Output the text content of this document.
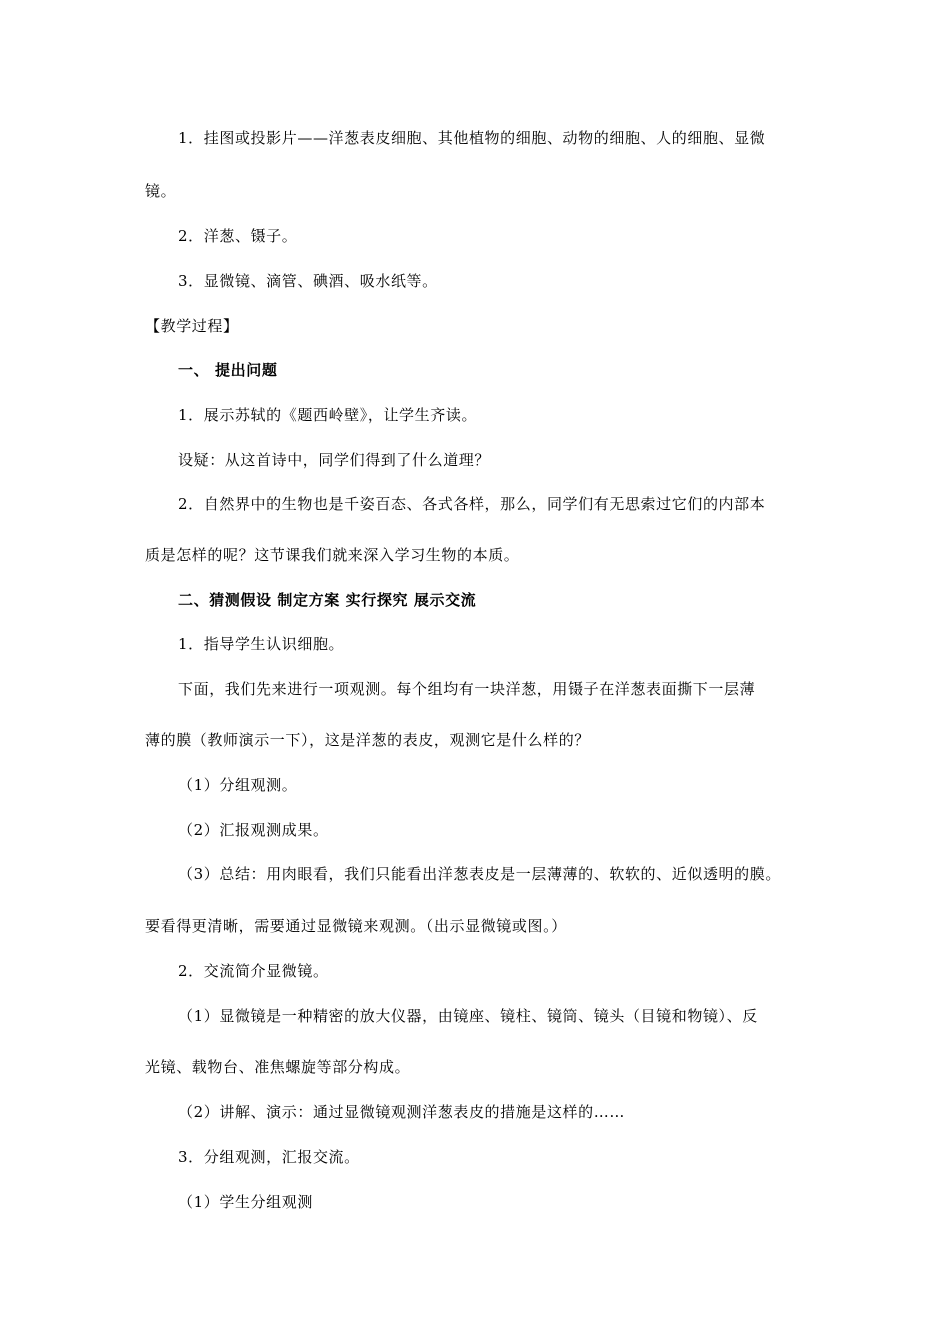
1．挂图或投影片——洋葱表皮细胞、其他植物的细胞、动物的细胞、人的细胞、显微
镜。
2．洋葱、镊子。
3．显微镜、滴管、碘酒、吸水纸等。
【教学过程】
一、 提出问题
1．展示苏轼的《题西岭壁》，让学生齐读。
设疑：从这首诗中，同学们得到了什么道理？
2．自然界中的生物也是千姿百态、各式各样，那么，同学们有无思索过它们的内部本
质是怎样的呢？这节课我们就来深入学习生物的本质。
二、猜测假设 制定方案 实行探究 展示交流
1．指导学生认识细胞。
下面，我们先来进行一项观测。每个组均有一块洋葱，用镊子在洋葱表面撕下一层薄
薄的膜（教师演示一下），这是洋葱的表皮，观测它是什么样的？
（1）分组观测。
（2）汇报观测成果。
（3）总结：用肉眼看，我们只能看出洋葱表皮是一层薄薄的、软软的、近似透明的膜。
要看得更清晰，需要通过显微镜来观测。（出示显微镜或图。）
2．交流简介显微镜。
（1）显微镜是一种精密的放大仪器，由镜座、镜柱、镜筒、镜头（目镜和物镜）、反
光镜、载物台、准焦螺旋等部分构成。
（2）讲解、演示：通过显微镜观测洋葱表皮的措施是这样的……
3．分组观测，汇报交流。
（1）学生分组观测
